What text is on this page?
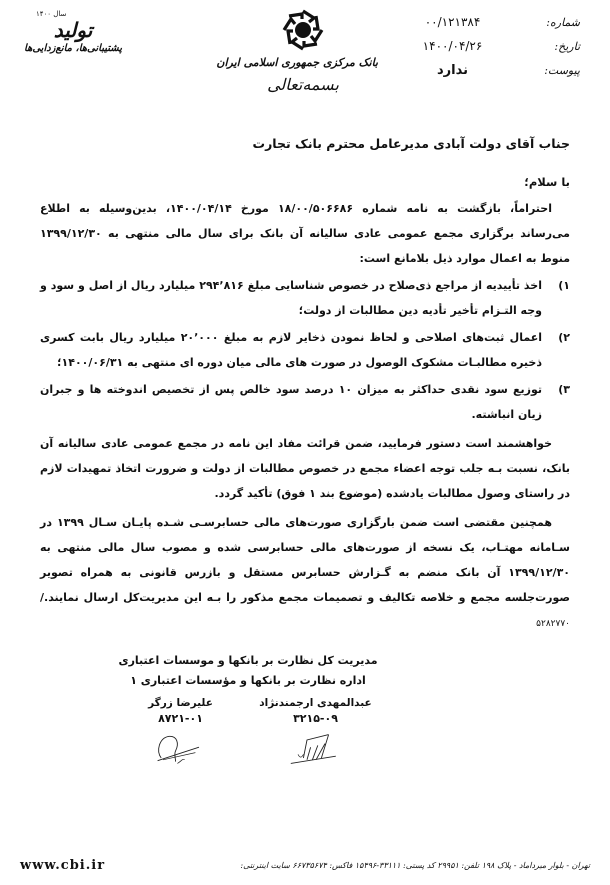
سال ۱۴۰۰
تولید
پشتیبانی‌ها، مانع‌زدایی‌ها
بانک مرکزی جمهوری اسلامی ایران
بسمه‌تعالی
شماره:
۰۰/۱۲۱۳۸۴
تاریخ:
۱۴۰۰/۰۴/۲۶
پیوست:
ندارد
جناب آقای دولت آبادی مدیرعامل محترم بانک تجارت
با سلام؛
احتراماً، بازگشت به نامه شماره ۱۸/۰۰/۵۰۶۶۸۶ مورخ ۱۴۰۰/۰۴/۱۴، بدین‌وسیله به اطلاع می‌رساند برگزاری مجمع عمومی عادی سالیانه آن بانک برای سال مالی منتهی به ۱۳۹۹/۱۲/۳۰ منوط به اعمال موارد ذیل بلامانع است:
۱)
اخذ تأییدیه از مراجع ذی‌صلاح در خصوص شناسایی مبلغ ۲۹۴٬۸۱۶ میلیارد ریال از اصل و سود و وجه التـزام تأخیر تأدیه دین مطالبات از دولت؛
۲)
اعمال ثبت‌های اصلاحی و لحاظ نمودن ذخایر لازم به مبلغ ۲۰٬۰۰۰ میلیارد ریال بابت کسری ذخیره مطالبـات مشکوک الوصول در صورت های مالی میان دوره ای منتهی به ۱۴۰۰/۰۶/۳۱؛
۳)
توزیع سود نقدی حداکثر به میزان ۱۰ درصد سود خالص پس از تخصیص اندوخته ها و جبران زیان انباشته.
خواهشمند است دستور فرمایید، ضمن قرائت مفاد این نامه در مجمع عمومی عادی سالیانه آن بانک، نسبت بـه جلب توجه اعضاء مجمع در خصوص مطالبات از دولت و ضرورت اتخاذ تمهیدات لازم در راستای وصول مطالبات یادشده (موضوع بند ۱ فوق) تأکید گردد.
همچنین مقتضی است ضمن بارگزاری صورت‌های مالی حسابرسـی شـده پایـان سـال ۱۳۹۹ در سـامانه مهتـاب، یک نسخه از صورت‌های مالی حسابرسی شده و مصوب سال مالی منتهی به ۱۳۹۹/۱۲/۳۰ آن بانک منضم به گـزارش حسابرس مستقل و بازرس قانونی به همراه تصویر صورت‌جلسه مجمع و خلاصه تکالیف و تصمیمات مجمع مذکور را بـه این مدیریت‌کل ارسال نمایند./۵۲۸۲۷۷۰
مدیریت کل نظارت بر بانکها و موسسات اعتباری
اداره نظارت بر بانکها و مؤسسات اعتباری ۱
عبدالمهدی ارجمندنژاد
۳۲۱۵-۰۹
علیرضا زرگر
۸۷۲۱-۰۱
تهران - بلوار میرداماد - پلاک ۱۹۸ تلفن: ۲۹۹۵۱ کد پستی: ۳۳۱۱۱-۱۵۴۹۶ فاکس: ۶۶۷۳۵۶۷۴ سایت اینترنتی:
www.cbi.ir
